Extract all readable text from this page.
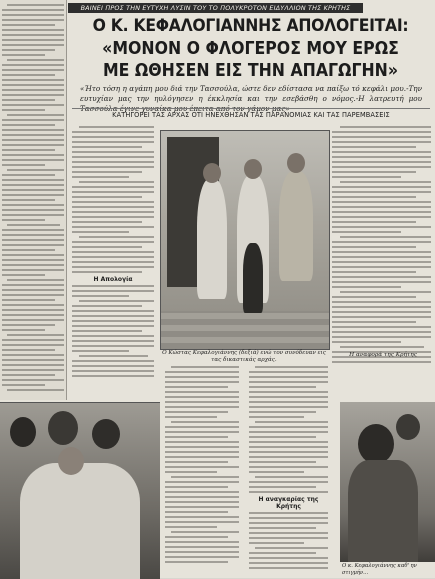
ΒΑΙΝΕΙ ΠΡΟΣ ΤΗΝ ΕΥΤΥΧΗ ΛΥΣΙΝ ΤΟΥ ΤΟ ΠΟΛΥΚΡΟΤΟΝ ΕΙΔΥΛΛΙΟΝ ΤΗΣ ΚΡΗΤΗΣ
Ο Κ. ΚΕΦΑΛΟΓΙΑΝΝΗΣ ΑΠΟΛΟΓΕΙΤΑΙ:
«ΜΟΝΟΝ Ο ΦΛΟΓΕΡΟΣ ΜΟΥ ΕΡΩΣ
ΜΕ ΩΘΗΣΕΝ ΕΙΣ ΤΗΝ ΑΠΑΓΩΓΗΝ»
«Ήτο τόση η αγάπη μου διά την Τασσούλα, ώστε δεν εδίστασα να παίξω τό κεφάλι μου.-Την ευτυχίαν μας την ηυλόγησεν η έκκλησία και την εσεβάσθη ο νόμος.-Η λατρευτή μου Τασσούλα έγινε γυναίκα μου έπειτα από τον γάμον μας»
ΚΑΤΗΓΟΡΕΙ ΤΑΣ ΑΡΧΑΣ ΟΤΙ ΗΝΕΧΘΗΣΑΝ ΤΑΣ ΠΑΡΑΝΟΜΙΑΣ ΚΑΙ ΤΑΣ ΠΑΡΕΜΒΑΣΕΙΣ
Η Απολογία
Ο Κώστας Κεφαλογιάννης (δεξιά) ενώ τον συνόδευαν εις τας δικαστικάς αρχάς.
Η αναφορά της Κρήτης
Η αναγκαρίας της Κρήτης
Ο κ. Κεφαλογιάννης καθ' ην στιγμήν...
